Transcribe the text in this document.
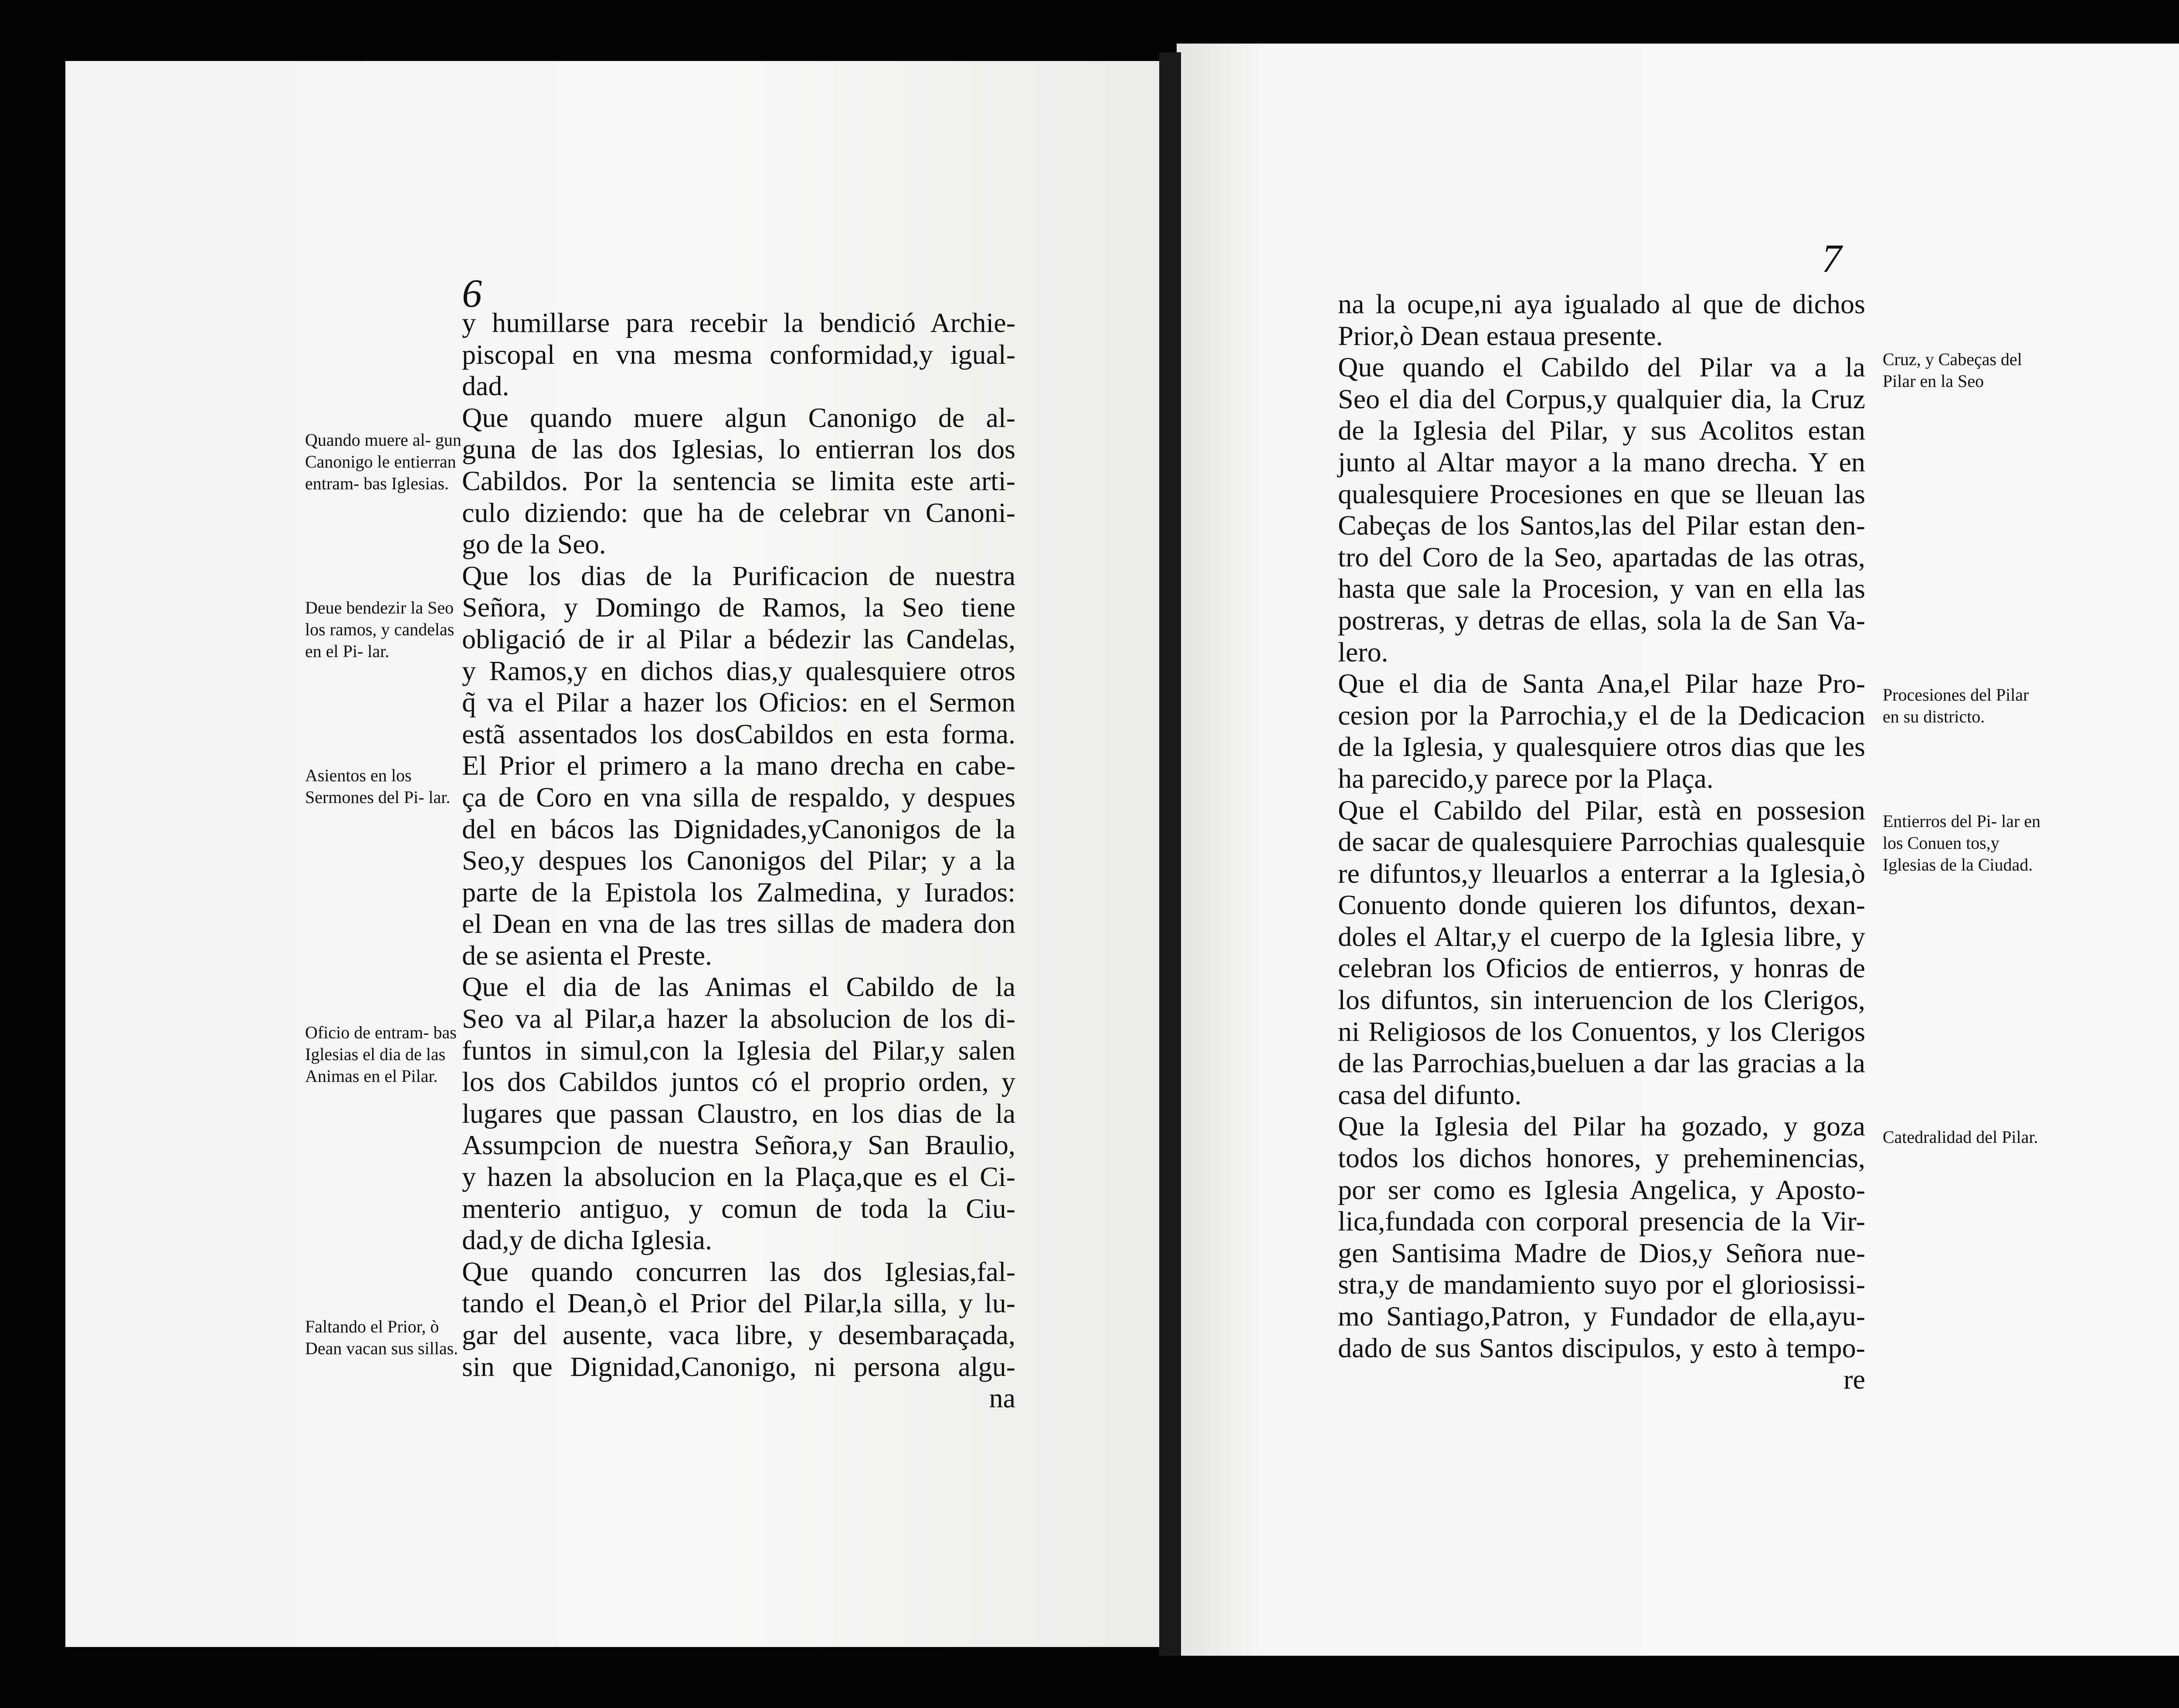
6
7
y humillarse para recebir la bendició Archie-
piscopal en vna mesma conformidad,y igual-
dad.
Que quando muere algun Canonigo de al-
guna de las dos Iglesias, lo entierran los dos
Cabildos. Por la sentencia se limita este arti-
culo diziendo: que ha de celebrar vn Canoni-
go de la Seo.
Que los dias de la Purificacion de nuestra
Señora, y Domingo de Ramos, la Seo tiene
obligació de ir al Pilar a bédezir las Candelas,
y Ramos,y en dichos dias,y qualesquiere otros
q̃ va el Pilar a hazer los Oficios: en el Sermon
estã assentados los dosCabildos en esta forma.
El Prior el primero a la mano drecha en cabe-
ça de Coro en vna silla de respaldo, y despues
del en bácos las Dignidades,yCanonigos de la
Seo,y despues los Canonigos del Pilar; y a la
parte de la Epistola los Zalmedina, y Iurados:
el Dean en vna de las tres sillas de madera don
de se asienta el Preste.
Que el dia de las Animas el Cabildo de la
Seo va al Pilar,a hazer la absolucion de los di-
funtos in simul,con la Iglesia del Pilar,y salen
los dos Cabildos juntos có el proprio orden, y
lugares que passan Claustro, en los dias de la
Assumpcion de nuestra Señora,y San Braulio,
y hazen la absolucion en la Plaça,que es el Ci-
menterio antiguo, y comun de toda la Ciu-
dad,y de dicha Iglesia.
Que quando concurren las dos Iglesias,fal-
tando el Dean,ò el Prior del Pilar,la silla, y lu-
gar del ausente, vaca libre, y desembaraçada,
sin que Dignidad,Canonigo, ni persona algu-
na
na la ocupe,ni aya igualado al que de dichos
Prior,ò Dean estaua presente.
Que quando el Cabildo del Pilar va a la
Seo el dia del Corpus,y qualquier dia, la Cruz
de la Iglesia del Pilar, y sus Acolitos estan
junto al Altar mayor a la mano drecha. Y en
qualesquiere Procesiones en que se lleuan las
Cabeças de los Santos,las del Pilar estan den-
tro del Coro de la Seo, apartadas de las otras,
hasta que sale la Procesion, y van en ella las
postreras, y detras de ellas, sola la de San Va-
lero.
Que el dia de Santa Ana,el Pilar haze Pro-
cesion por la Parrochia,y el de la Dedicacion
de la Iglesia, y qualesquiere otros dias que les
ha parecido,y parece por la Plaça.
Que el Cabildo del Pilar, està en possesion
de sacar de qualesquiere Parrochias qualesquie
re difuntos,y lleuarlos a enterrar a la Iglesia,ò
Conuento donde quieren los difuntos, dexan-
doles el Altar,y el cuerpo de la Iglesia libre, y
celebran los Oficios de entierros, y honras de
los difuntos, sin interuencion de los Clerigos,
ni Religiosos de los Conuentos, y los Clerigos
de las Parrochias,bueluen a dar las gracias a la
casa del difunto.
Que la Iglesia del Pilar ha gozado, y goza
todos los dichos honores, y preheminencias,
por ser como es Iglesia Angelica, y Aposto-
lica,fundada con corporal presencia de la Vir-
gen Santisima Madre de Dios,y Señora nue-
stra,y de mandamiento suyo por el gloriosissi-
mo Santiago,Patron, y Fundador de ella,ayu-
dado de sus Santos discipulos, y esto à tempo-
re
Quando muere al- gun Canonigo le entierran entram- bas Iglesias.
Deue bendezir la Seo los ramos, y candelas en el Pi- lar.
Asientos en los Sermones del Pi- lar.
Oficio de entram- bas Iglesias el dia de las Animas en el Pilar.
Faltando el Prior, ò Dean vacan sus sillas.
Cruz, y Cabeças del Pilar en la Seo
Procesiones del Pilar en su districto.
Entierros del Pi- lar en los Conuen tos,y Iglesias de la Ciudad.
Catedralidad del Pilar.
